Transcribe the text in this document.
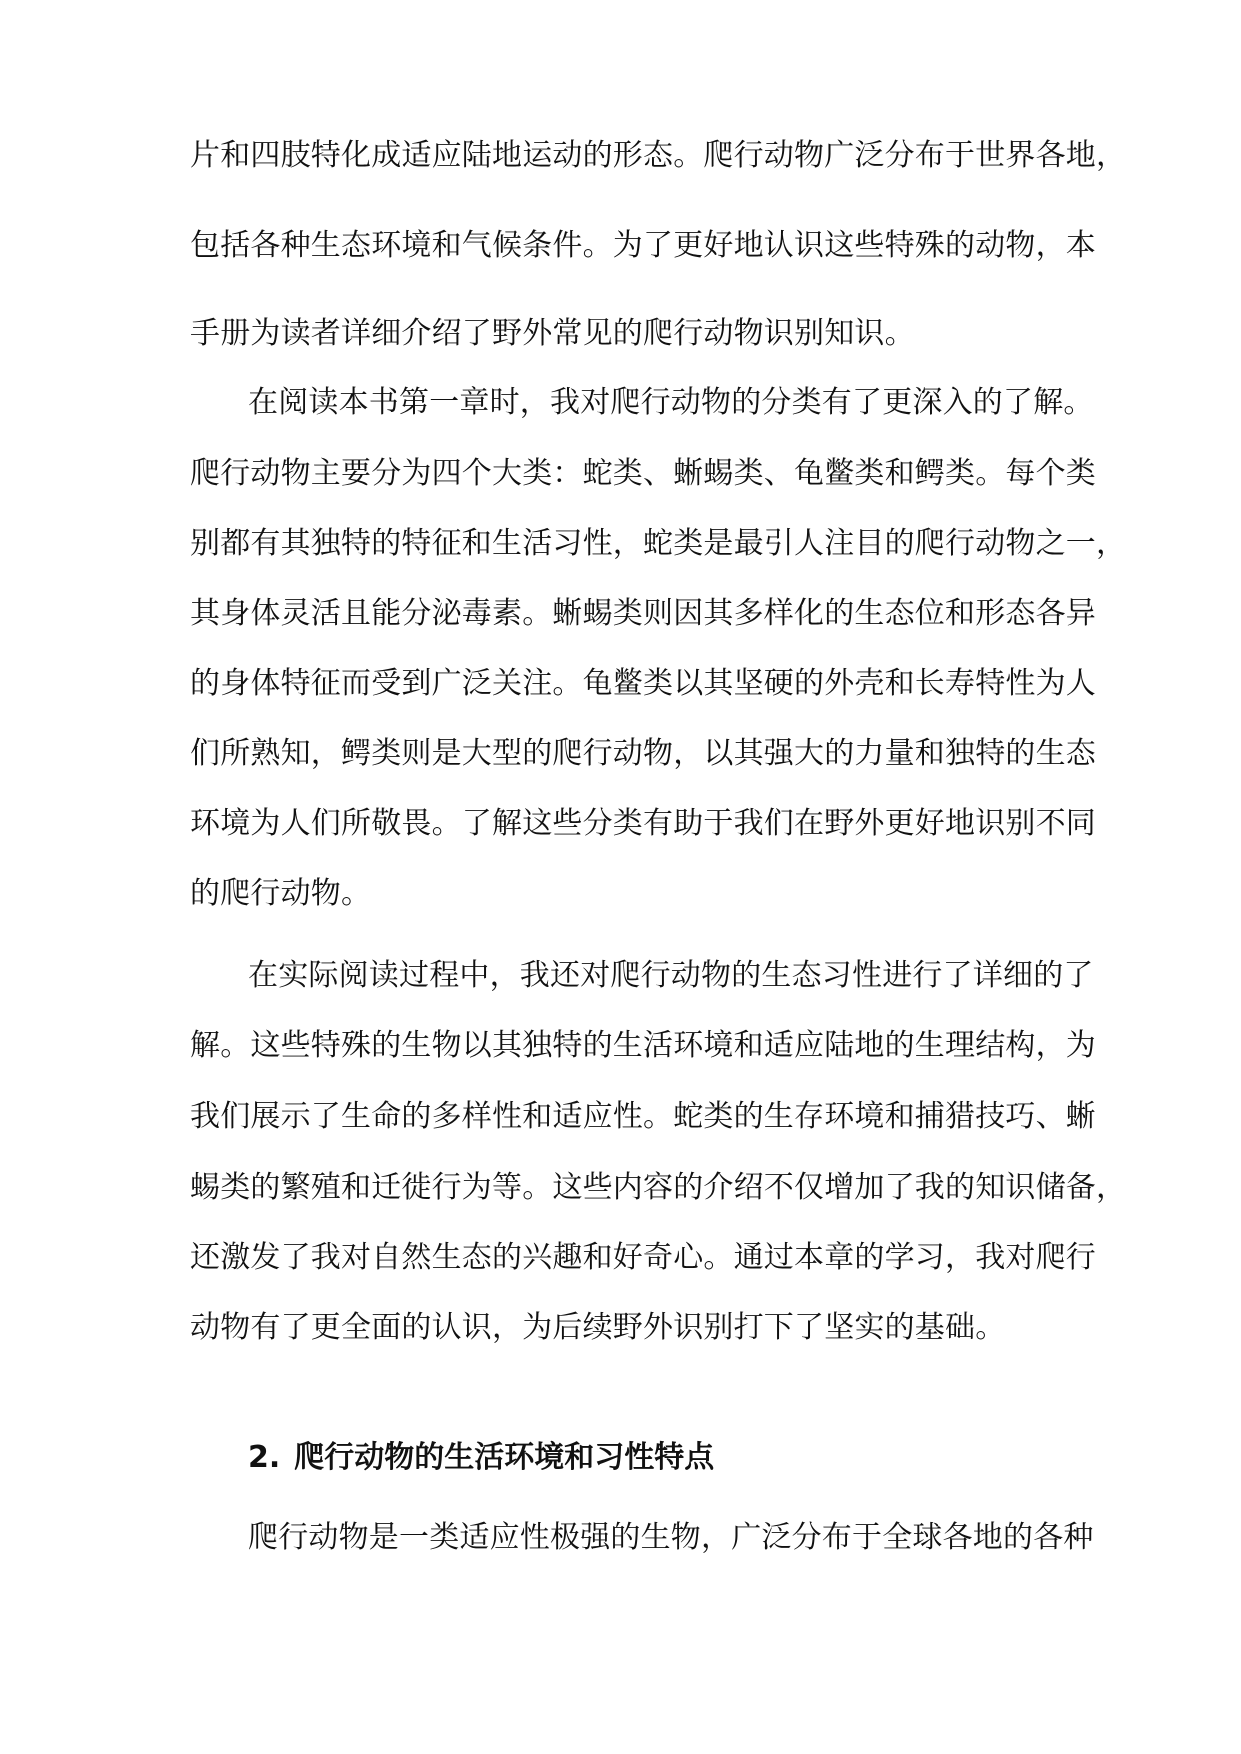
片和四肢特化成适应陆地运动的形态。爬行动物广泛分布于世界各地，
包括各种生态环境和气候条件。为了更好地认识这些特殊的动物，本
手册为读者详细介绍了野外常见的爬行动物识别知识。
在阅读本书第一章时，我对爬行动物的分类有了更深入的了解。
爬行动物主要分为四个大类：蛇类、蜥蜴类、龟鳖类和鳄类。每个类
别都有其独特的特征和生活习性，蛇类是最引人注目的爬行动物之一，
其身体灵活且能分泌毒素。蜥蜴类则因其多样化的生态位和形态各异
的身体特征而受到广泛关注。龟鳖类以其坚硬的外壳和长寿特性为人
们所熟知，鳄类则是大型的爬行动物，以其强大的力量和独特的生态
环境为人们所敬畏。了解这些分类有助于我们在野外更好地识别不同
的爬行动物。
在实际阅读过程中，我还对爬行动物的生态习性进行了详细的了
解。这些特殊的生物以其独特的生活环境和适应陆地的生理结构，为
我们展示了生命的多样性和适应性。蛇类的生存环境和捕猎技巧、蜥
蜴类的繁殖和迁徙行为等。这些内容的介绍不仅增加了我的知识储备，
还激发了我对自然生态的兴趣和好奇心。通过本章的学习，我对爬行
动物有了更全面的认识，为后续野外识别打下了坚实的基础。
2. 爬行动物的生活环境和习性特点
爬行动物是一类适应性极强的生物，广泛分布于全球各地的各种
